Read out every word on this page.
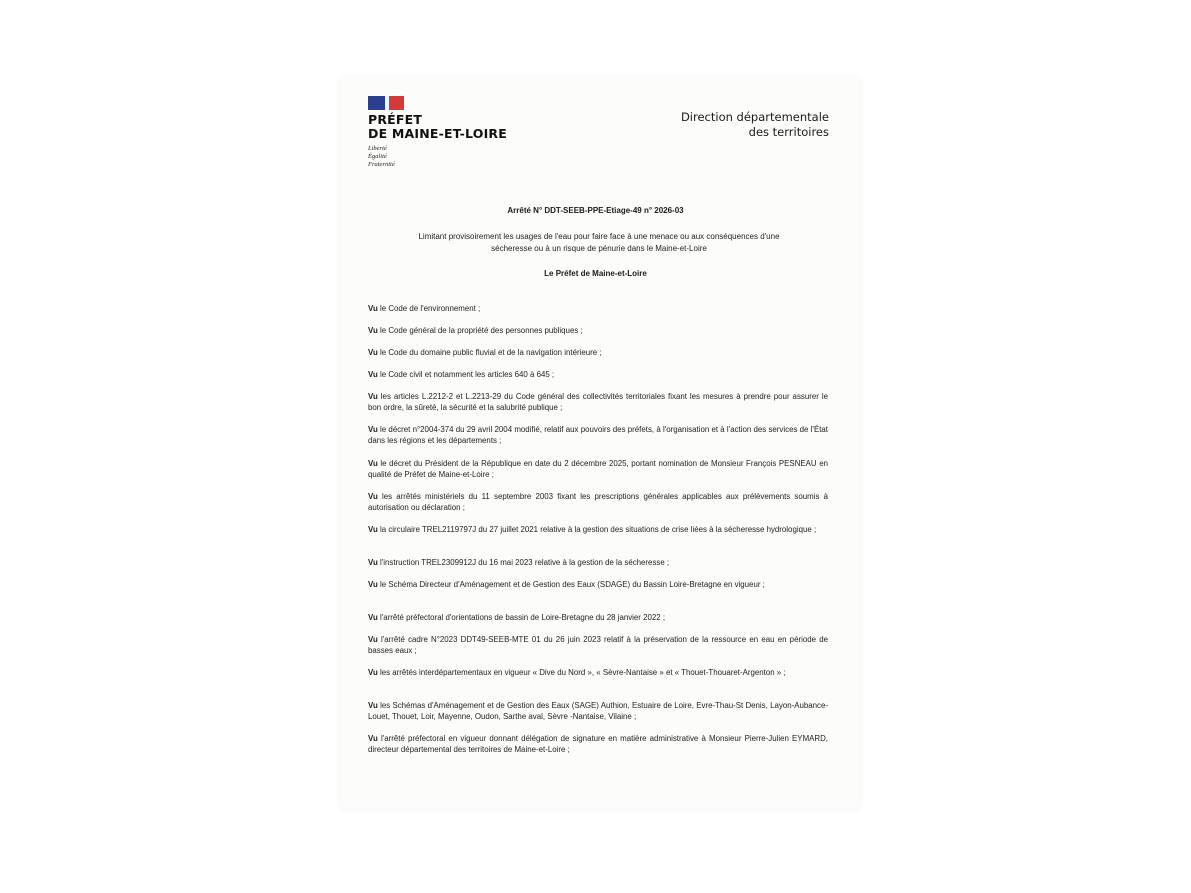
PRÉFET
DE MAINE-ET-LOIRE
Liberté
Égalité
Fraternité
Direction départementale
des territoires
Arrêté N° DDT-SEEB-PPE-Etiage-49 n° 2026-03
Limitant provisoirement les usages de l'eau pour faire face à une menace ou aux conséquences d'une
sécheresse ou à un risque de pénurie dans le Maine-et-Loire
Le Préfet de Maine-et-Loire
Vu le Code de l'environnement ;
Vu le Code général de la propriété des personnes publiques ;
Vu le Code du domaine public fluvial et de la navigation intérieure ;
Vu le Code civil et notamment les articles 640 à 645 ;
Vu les articles L.2212-2 et L.2213-29 du Code général des collectivités territoriales fixant les mesures à prendre pour assurer le bon ordre, la sûreté, la sécurité et la salubrité publique ;
Vu le décret n°2004-374 du 29 avril 2004 modifié, relatif aux pouvoirs des préfets, à l'organisation et à l'action des services de l'État dans les régions et les départements ;
Vu le décret du Président de la République en date du 2 décembre 2025, portant nomination de Monsieur François PESNEAU en qualité de Préfet de Maine-et-Loire ;
Vu les arrêtés ministériels du 11 septembre 2003 fixant les prescriptions générales applicables aux prélèvements soumis à autorisation ou déclaration ;
Vu la circulaire TREL2119797J du 27 juillet 2021 relative à la gestion des situations de crise liées à la sécheresse hydrologique ;
Vu l'instruction TREL2309912J du 16 mai 2023 relative à la gestion de la sécheresse ;
Vu le Schéma Directeur d'Aménagement et de Gestion des Eaux (SDAGE) du Bassin Loire-Bretagne en vigueur ;
Vu l'arrêté préfectoral d'orientations de bassin de Loire-Bretagne du 28 janvier 2022 ;
Vu l'arrêté cadre N°2023 DDT49-SEEB-MTE 01 du 26 juin 2023 relatif à la préservation de la ressource en eau en période de basses eaux ;
Vu les arrêtés interdépartementaux en vigueur « Dive du Nord », « Sèvre-Nantaise » et « Thouet-Thouaret-Argenton » ;
Vu les Schémas d'Aménagement et de Gestion des Eaux (SAGE) Authion, Estuaire de Loire, Evre-Thau-St Denis, Layon-Aubance-Louet, Thouet, Loir, Mayenne, Oudon, Sarthe aval, Sèvre -Nantaise, Vilaine ;
Vu l'arrêté préfectoral en vigueur donnant délégation de signature en matière administrative à Monsieur Pierre-Julien EYMARD, directeur départemental des territoires de Maine-et-Loire ;
